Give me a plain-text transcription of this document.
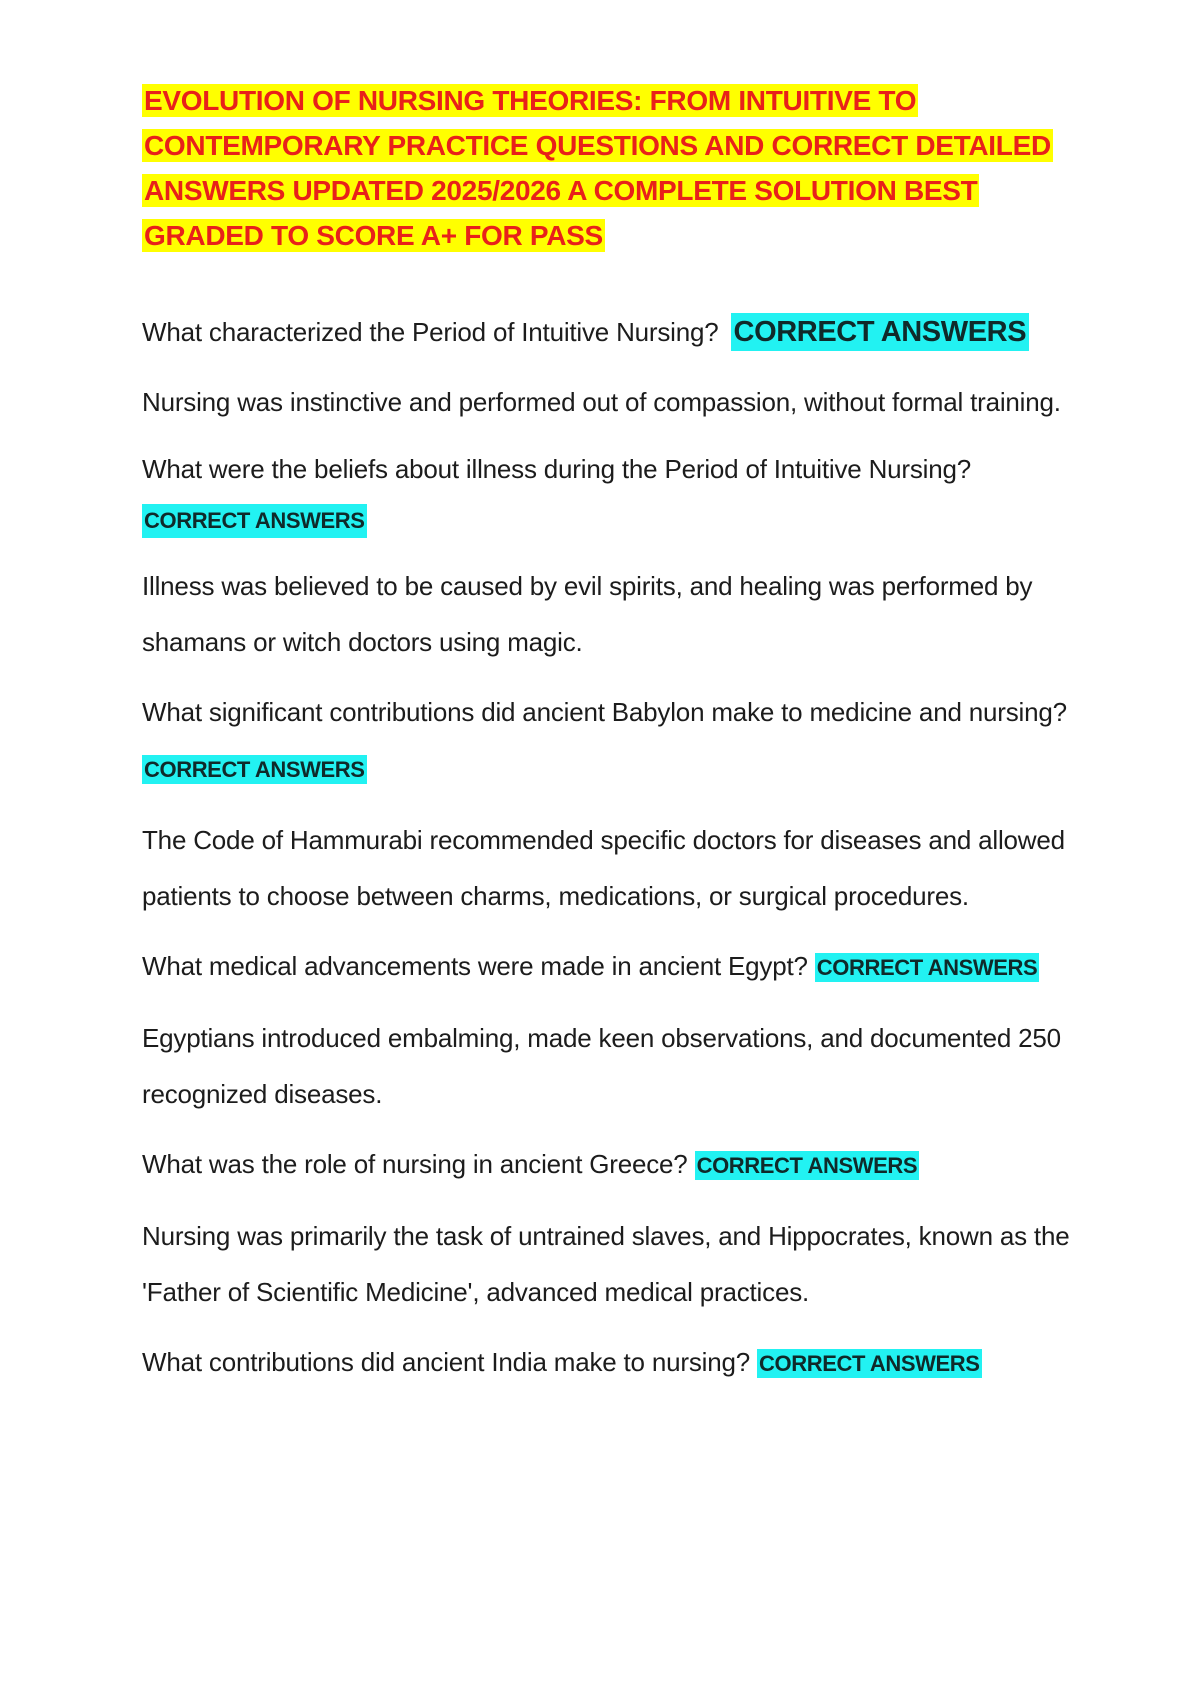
EVOLUTION OF NURSING THEORIES: FROM INTUITIVE TO
CONTEMPORARY PRACTICE QUESTIONS AND CORRECT DETAILED
ANSWERS UPDATED 2025/2026 A COMPLETE SOLUTION BEST
GRADED TO SCORE A+ FOR PASS

What characterized the Period of Intuitive Nursing? CORRECT ANSWERS

Nursing was instinctive and performed out of compassion, without formal training.

What were the beliefs about illness during the Period of Intuitive Nursing?
CORRECT ANSWERS

Illness was believed to be caused by evil spirits, and healing was performed by shamans or witch doctors using magic.

What significant contributions did ancient Babylon make to medicine and nursing? CORRECT ANSWERS

The Code of Hammurabi recommended specific doctors for diseases and allowed patients to choose between charms, medications, or surgical procedures.

What medical advancements were made in ancient Egypt? CORRECT ANSWERS

Egyptians introduced embalming, made keen observations, and documented 250 recognized diseases.

What was the role of nursing in ancient Greece? CORRECT ANSWERS

Nursing was primarily the task of untrained slaves, and Hippocrates, known as the 'Father of Scientific Medicine', advanced medical practices.

What contributions did ancient India make to nursing? CORRECT ANSWERS
